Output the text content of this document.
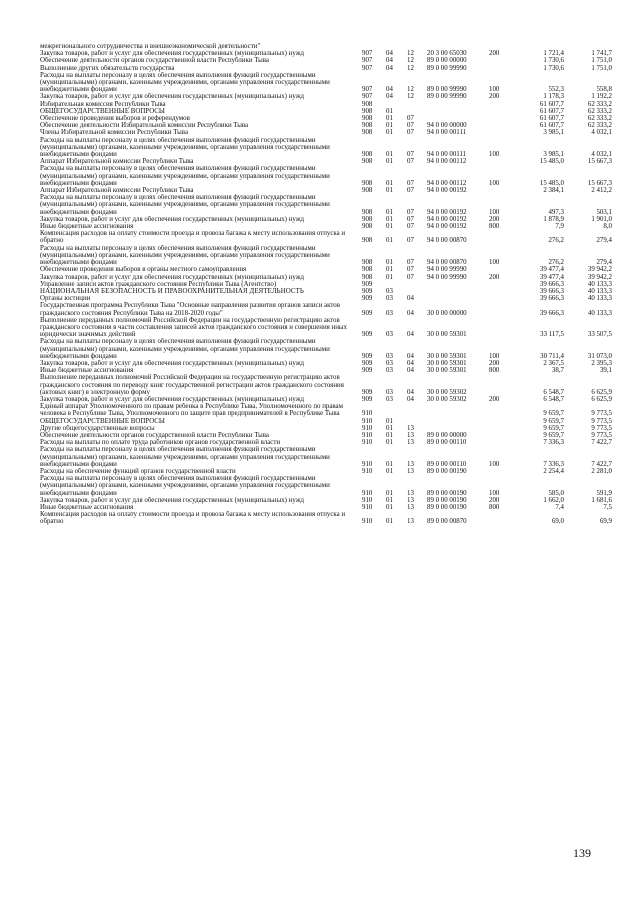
межрегионального сотрудничества и внешнеэкономической деятельности"							
Закупка товаров, работ и услуг для обеспечения государственных (муниципальных) нужд	907	04	12	20 3 00 65030	200	1 721,4	1 741,7
Обеспечение деятельности органов государственной власти Республики Тыва	907	04	12	89 0 00 00000		1 730,6	1 751,0
Выполнение других обязательств государства	907	04	12	89 0 00 99990		1 730,6	1 751,0
Расходы на выплаты персоналу в целях обеспечения выполнения функций государственными (муниципальными) органами, казенными учреждениями, органами управления государственными внебюджетными фондами	907	04	12	89 0 00 99990	100	552,3	558,8
Закупка товаров, работ и услуг для обеспечения государственных (муниципальных) нужд	907	04	12	89 0 00 99990	200	1 178,3	1 192,2
Избирательная комиссия Республики Тыва	908					61 607,7	62 333,2
ОБЩЕГОСУДАРСТВЕННЫЕ ВОПРОСЫ	908	01				61 607,7	62 333,2
Обеспечение проведения выборов и референдумов	908	01	07			61 607,7	62 333,2
Обеспечение деятельности Избирательной комиссии Республики Тыва	908	01	07	94 0 00 00000		61 607,7	62 333,2
Члены Избирательной комиссии Республики Тыва	908	01	07	94 0 00 00111		3 985,1	4 032,1
Расходы на выплаты персоналу в целях обеспечения выполнения функций государственными (муниципальными) органами, казенными учреждениями, органами управления государственными внебюджетными фондами	908	01	07	94 0 00 00111	100	3 985,1	4 032,1
Аппарат Избирательной комиссии Республики Тыва	908	01	07	94 0 00 00112		15 485,0	15 667,3
Расходы на выплаты персоналу в целях обеспечения выполнения функций государственными (муниципальными) органами, казенными учреждениями, органами управления государственными внебюджетными фондами	908	01	07	94 0 00 00112	100	15 485,0	15 667,3
Аппарат Избирательной комиссии Республики Тыва	908	01	07	94 0 00 00192		2 384,1	2 412,2
Расходы на выплаты персоналу в целях обеспечения выполнения функций государственными (муниципальными) органами, казенными учреждениями, органами управления государственными внебюджетными фондами	908	01	07	94 0 00 00192	100	497,3	503,1
Закупка товаров, работ и услуг для обеспечения государственных (муниципальных) нужд	908	01	07	94 0 00 00192	200	1 878,9	1 901,0
Иные бюджетные ассигнования	908	01	07	94 0 00 00192	800	7,9	8,0
Компенсация расходов на оплату стоимости проезда и провоза багажа к месту использования отпуска и обратно	908	01	07	94 0 00 00870		276,2	279,4
Расходы на выплаты персоналу в целях обеспечения выполнения функций государственными (муниципальными) органами, казенными учреждениями, органами управления государственными внебюджетными фондами	908	01	07	94 0 00 00870	100	276,2	279,4
Обеспечение проведения выборов в органы местного самоуправления	908	01	07	94 0 00 99990		39 477,4	39 942,2
Закупка товаров, работ и услуг для обеспечения государственных (муниципальных) нужд	908	01	07	94 0 00 99990	200	39 477,4	39 942,2
Управление записи актов гражданского состояния Республики Тыва (Агентство)	909					39 666,3	40 133,3
НАЦИОНАЛЬНАЯ БЕЗОПАСНОСТЬ И ПРАВООХРАНИТЕЛЬНАЯ ДЕЯТЕЛЬНОСТЬ	909	03				39 666,3	40 133,3
Органы юстиции	909	03	04			39 666,3	40 133,3
Государственная программа Республики Тыва "Основные направления развития органов записи актов гражданского состояния Республики Тыва на 2018-2020 годы"	909	03	04	30 0 00 00000		39 666,3	40 133,3
Выполнение переданных полномочий Российской Федерации на государственную регистрацию актов гражданского состояния в части составления записей актов гражданского состояния и совершения иных юридически значимых действий	909	03	04	30 0 00 59301		33 117,5	33 507,5
Расходы на выплаты персоналу в целях обеспечения выполнения функций государственными (муниципальными) органами, казенными учреждениями, органами управления государственными внебюджетными фондами	909	03	04	30 0 00 59301	100	30 711,4	31 073,0
Закупка товаров, работ и услуг для обеспечения государственных (муниципальных) нужд	909	03	04	30 0 00 59301	200	2 367,5	2 395,3
Иные бюджетные ассигнования	909	03	04	30 0 00 59301	800	38,7	39,1
Выполнение переданных полномочий Российской Федерации на государственную регистрацию актов гражданского состояния по переводу книг государственной регистрации актов гражданского состояния (актовых книг) в электронную форму	909	03	04	30 0 00 59302		6 548,7	6 625,9
Закупка товаров, работ и услуг для обеспечения государственных (муниципальных) нужд	909	03	04	30 0 00 59302	200	6 548,7	6 625,9
Единый аппарат Уполномоченного по правам ребенка в Республике Тыва, Уполномоченного по правам человека в Республике Тыва, Уполномоченного по защите прав предпринимателей в Республике Тыва	910					9 659,7	9 773,5
ОБЩЕГОСУДАРСТВЕННЫЕ ВОПРОСЫ	910	01				9 659,7	9 773,5
Другие общегосударственные вопросы	910	01	13			9 659,7	9 773,5
Обеспечение деятельности органов государственной власти Республики Тыва	910	01	13	89 0 00 00000		9 659,7	9 773,5
Расходы на выплаты по оплате труда работников органов государственной власти	910	01	13	89 0 00 00110		7 336,3	7 422,7
Расходы на выплаты персоналу в целях обеспечения выполнения функций государственными (муниципальными) органами, казенными учреждениями, органами управления государственными внебюджетными фондами	910	01	13	89 0 00 00110	100	7 336,3	7 422,7
Расходы на обеспечение функций органов государственной власти	910	01	13	89 0 00 00190		2 254,4	2 281,0
Расходы на выплаты персоналу в целях обеспечения выполнения функций государственными (муниципальными) органами, казенными учреждениями, органами управления государственными внебюджетными фондами	910	01	13	89 0 00 00190	100	585,0	591,9
Закупка товаров, работ и услуг для обеспечения государственных (муниципальных) нужд	910	01	13	89 0 00 00190	200	1 662,0	1 681,6
Иные бюджетные ассигнования	910	01	13	89 0 00 00190	800	7,4	7,5
Компенсация расходов на оплату стоимости проезда и провоза багажа к месту использования отпуска и обратно	910	01	13	89 0 00 00870		69,0	69,9
139
